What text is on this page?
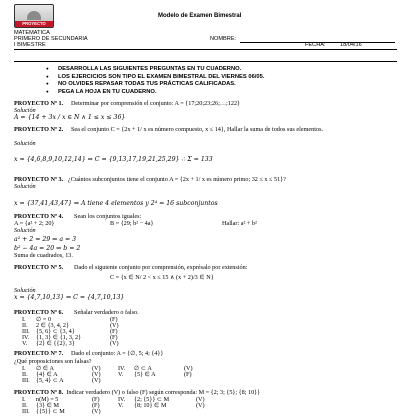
PROYECTO
Modelo de Examen Bimestral
MATEMATICA
PRIMERO DE SECUNDARIA
I BIMESTRE
NOMBRE:
FECHA:	18/04/16
● DESARROLLA LAS SIGUIENTES PREGUNTAS EN TU CUADERNO.
● LOS EJERCICIOS SON TIPO EL EXAMEN BIMESTRAL DEL VIERNES 06/05.
● NO OLVIDES REPASAR TODAS TUS PRÁCTICAS CALIFICADAS.
● PEGA LA HOJA EN TU CUADERNO.
PROYECTO Nº 1. Determinar por comprensión el conjunto: A = {17;20;23;26;…;122}
Solución
A = {14 + 3x / x ∈ N ∧ 1 ≤ x ≤ 36}
PROYECTO Nº 2. Sea el conjunto C = {2x + 1/ x es número compuesto, x ≤ 14}, Hallar la suma de todos sus elementos.
Solución
x = {4,6,8,9,10,12,14} ⇒ C = {9,13,17,19,21,25,29} ∴ Σ = 133
PROYECTO Nº 3. ¿Cuántos subconjuntos tiene el conjunto A = {2x + 1/ x es número primo; 32 ≤ x ≤ 51}?
Solución
x = {37,41,43,47} ⇒ A tiene 4 elementos y 2⁴ = 16 subconjuntos
PROYECTO Nº 4. Sean los conjuntos iguales:
A = {a² + 2; 20}	B = {29; b² − 4a}	Hallar: a² + b²
Solución
a² + 2 = 29 ⇒ a = 3
b² − 4a = 20 ⇒ b = 2
Suma de cuadrados, 13.
PROYECTO Nº 5. Dado el siguiente conjunto por comprensión, exprésalo por extensión:
C = {x ∈ N/ 2 < x ≤ 15 ∧ (x + 2)/3 ∈ N}
Solución
x = {4,7,10,13} ⇒ C = {4,7,10,13}
PROYECTO Nº 6. Señalar verdadero o falso.
I. ∅ = 0	(F)
II. 2 ∈ {3, 4, 2}	(V)
III. {5, 6} ⊂ {3, 4}	(F)
IV. {1, 3} ∈ {1, 3, 2}	(F)
V. {2} ∈ {{2}, 3}	(V)
PROYECTO Nº 7. Dado el conjunto: A = {∅, 5; 4; {4}}
¿Qué proposiciones son falsas?
I. ∅ ∈ A	(V)	IV. ∅ ⊂ A	(V)
II. {4} ∈ A	(V)	V. {5} ∈ A	(F)
III. {5, 4} ⊂ A	(V)
PROYECTO Nº 8. Indicar verdadero (V) o falso (F) según corresponda: M = {2; 3; {5}; {8; 10}}
I. n(M) = 5	(F)	IV. {2; {5}} ⊂ M	(V)
II. {3} ∈ M	(F)	V. {8; 10} ∈ M	(V)
III. {{5}} ⊂ M	(V)
